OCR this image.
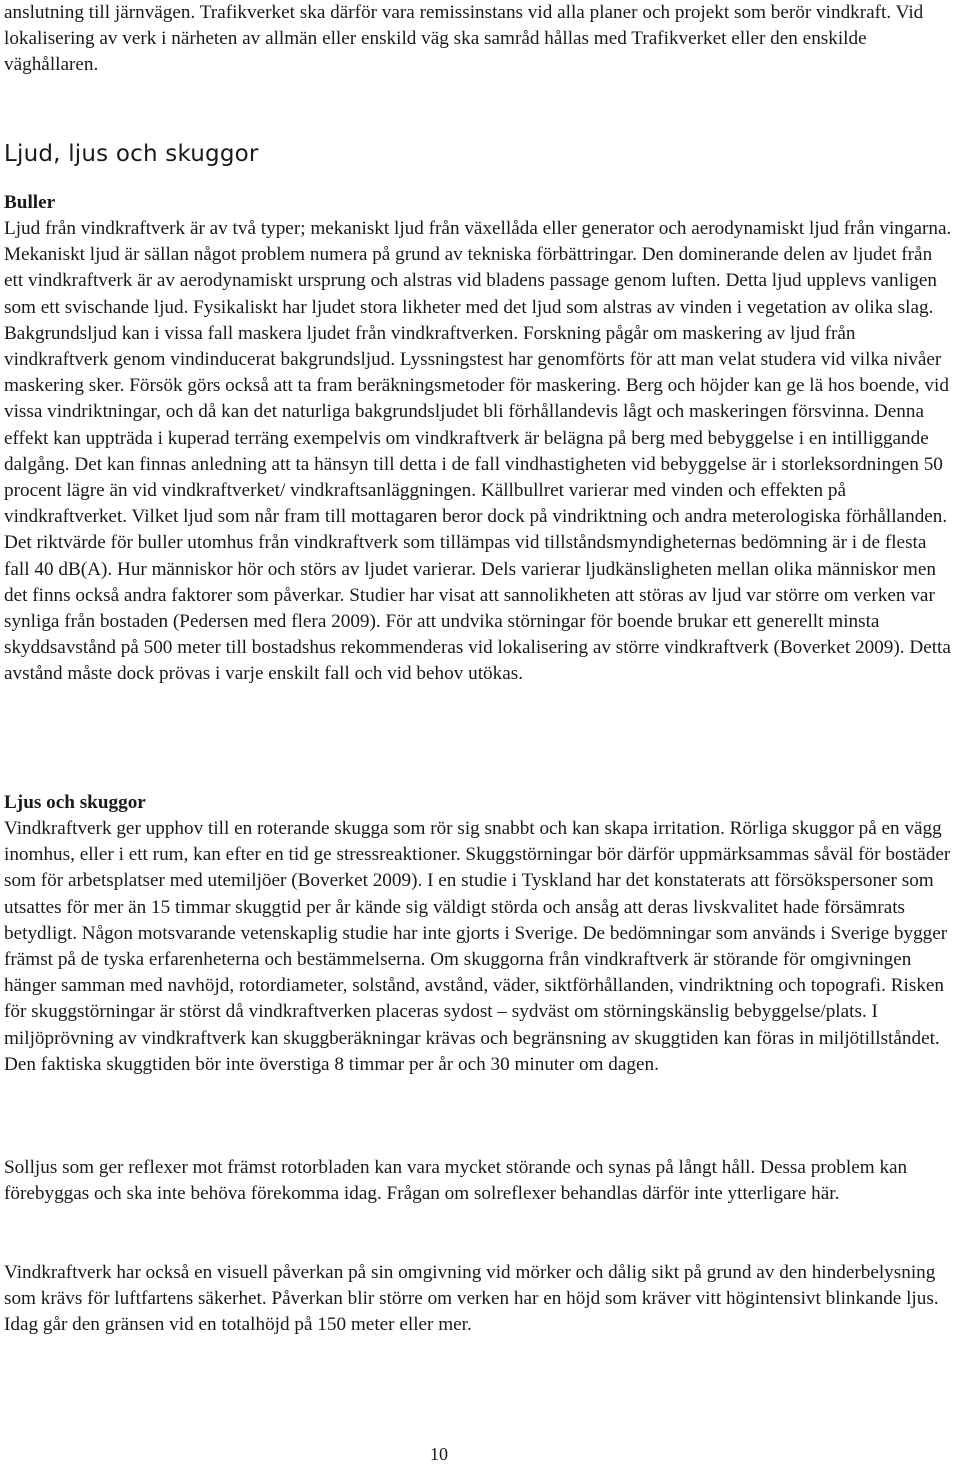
anslutning till järnvägen. Trafikverket ska därför vara remissinstans vid alla planer och projekt som berör vindkraft. Vid lokalisering av verk i närheten av allmän eller enskild väg ska samråd hållas med Trafikverket eller den enskilde väghållaren.

Ljud, ljus och skuggor
Buller

Ljud från vindkraftverk är av två typer; mekaniskt ljud från växellåda eller generator och aerodynamiskt ljud från vingarna. Mekaniskt ljud är sällan något problem numera på grund av tekniska förbättringar. Den dominerande delen av ljudet från ett vindkraftverk är av aerodynamiskt ursprung och alstras vid bladens passage genom luften. Detta ljud upplevs vanligen som ett svischande ljud. Fysikaliskt har ljudet stora likheter med det ljud som alstras av vinden i vegetation av olika slag. Bakgrundsljud kan i vissa fall maskera ljudet från vindkraftverken. Forskning pågår om maskering av ljud från vindkraftverk genom vindinducerat bakgrundsljud. Lyssningstest har genomförts för att man velat studera vid vilka nivåer maskering sker. Försök görs också att ta fram beräkningsmetoder för maskering. Berg och höjder kan ge lä hos boende, vid vissa vindriktningar, och då kan det naturliga bakgrundsljudet bli förhållandevis lågt och maskeringen försvinna. Denna effekt kan uppträda i kuperad terräng exempelvis om vindkraftverk är belägna på berg med bebyggelse i en intilliggande dalgång. Det kan finnas anledning att ta hänsyn till detta i de fall vindhastigheten vid bebyggelse är i storleksordningen 50 procent lägre än vid vindkraftverket/ vindkraftsanläggningen. Källbullret varierar med vinden och effekten på vindkraftverket. Vilket ljud som når fram till mottagaren beror dock på vindriktning och andra meterologiska förhållanden. Det riktvärde för buller utomhus från vindkraftverk som tillämpas vid tillståndsmyndigheternas bedömning är i de flesta fall 40 dB(A). Hur människor hör och störs av ljudet varierar. Dels varierar ljudkänsligheten mellan olika människor men det finns också andra faktorer som påverkar. Studier har visat att sannolikheten att störas av ljud var större om verken var synliga från bostaden (Pedersen med flera 2009). För att undvika störningar för boende brukar ett generellt minsta skyddsavstånd på 500 meter till bostadshus rekommenderas vid lokalisering av större vindkraftverk (Boverket 2009). Detta avstånd måste dock prövas i varje enskilt fall och vid behov utökas.

Ljus och skuggor

Vindkraftverk ger upphov till en roterande skugga som rör sig snabbt och kan skapa irritation. Rörliga skuggor på en vägg inomhus, eller i ett rum, kan efter en tid ge stressreaktioner. Skuggstörningar bör därför uppmärksammas såväl för bostäder som för arbetsplatser med utemiljöer (Boverket 2009). I en studie i Tyskland har det konstaterats att försökspersoner som utsattes för mer än 15 timmar skuggtid per år kände sig väldigt störda och ansåg att deras livskvalitet hade försämrats betydligt. Någon motsvarande vetenskaplig studie har inte gjorts i Sverige. De bedömningar som används i Sverige bygger främst på de tyska erfarenheterna och bestämmelserna. Om skuggorna från vindkraftverk är störande för omgivningen hänger samman med navhöjd, rotordiameter, solstånd, avstånd, väder, siktförhållanden, vindriktning och topografi. Risken för skuggstörningar är störst då vindkraftverken placeras sydost – sydväst om störningskänslig bebyggelse/plats. I miljöprövning av vindkraftverk kan skuggberäkningar krävas och begränsning av skuggtiden kan föras in miljötillståndet. Den faktiska skuggtiden bör inte överstiga 8 timmar per år och 30 minuter om dagen.

Solljus som ger reflexer mot främst rotorbladen kan vara mycket störande och synas på långt håll. Dessa problem kan förebyggas och ska inte behöva förekomma idag. Frågan om solreflexer behandlas därför inte ytterligare här.

Vindkraftverk har också en visuell påverkan på sin omgivning vid mörker och dålig sikt på grund av den hinderbelysning som krävs för luftfartens säkerhet. Påverkan blir större om verken har en höjd som kräver vitt högintensivt blinkande ljus. Idag går den gränsen vid en totalhöjd på 150 meter eller mer.

10
